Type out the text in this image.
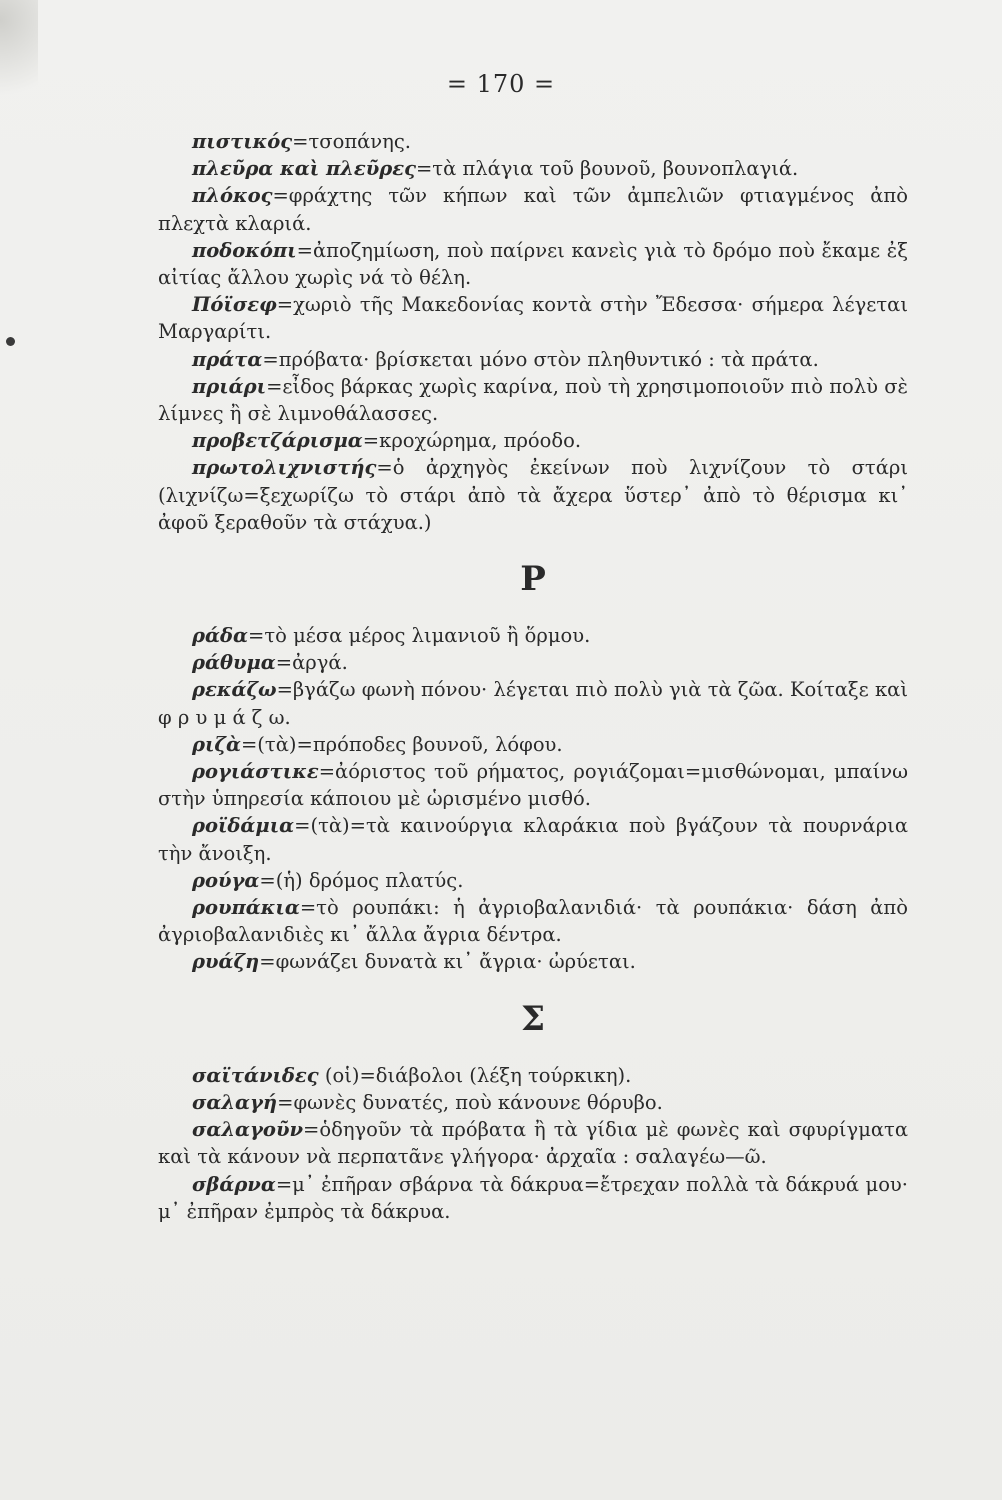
= 170 =

πιστικός=τσοπάνης.

πλεῦρα καὶ πλεῦρες=τὰ πλάγια τοῦ βουνοῦ, βουνοπλαγιά.

πλόκος=φράχτης τῶν κήπων καὶ τῶν ἀμπελιῶν φτιαγμένος ἀπὸ πλεχτὰ κλαριά.

ποδοκόπι=ἀποζημίωση, ποὺ παίρνει κανεὶς γιὰ τὸ δρόμο ποὺ ἔκαμε ἐξ αἰτίας ἄλλου χωρὶς νά τὸ θέλη.

Πόϊσεφ=χωριὸ τῆς Μακεδονίας κοντὰ στὴν Ἔδεσσα· σήμερα λέγεται Μαργαρίτι.

πράτα=πρόβατα· βρίσκεται μόνο στὸν πληθυντικό : τὰ πράτα.

πριάρι=εἶδος βάρκας χωρὶς καρίνα, ποὺ τὴ χρησιμοποιοῦν πιὸ πολὺ σὲ λίμνες ἢ σὲ λιμνοθάλασσες.

προβετζάρισμα=κροχώρημα, πρόοδο.

πρωτολιχνιστής=ὁ ἀρχηγὸς ἐκείνων ποὺ λιχνίζουν τὸ στάρι (λιχνίζω=ξεχωρίζω τὸ στάρι ἀπὸ τὰ ἄχερα ὕστερ᾽ ἀπὸ τὸ θέρισμα κι᾽ ἀφοῦ ξεραθοῦν τὰ στάχυα.)

Ρ

ράδα=τὸ μέσα μέρος λιμανιοῦ ἢ ὅρμου.

ράθυμα=ἀργά.

ρεκάζω=βγάζω φωνὴ πόνου· λέγεται πιὸ πολὺ γιὰ τὰ ζῶα. Κοίταξε καὶ φ ρ υ μ ά ζ ω.

ριζὰ=(τὰ)=πρόποδες βουνοῦ, λόφου.

ρογιάστικε=ἀόριστος τοῦ ρήματος, ρογιάζομαι=μισθώνομαι, μπαίνω στὴν ὑπηρεσία κάποιου μὲ ὡρισμένο μισθό.

ροϊδάμια=(τὰ)=τὰ καινούργια κλαράκια ποὺ βγάζουν τὰ πουρνάρια τὴν ἄνοιξη.

ρούγα=(ἡ) δρόμος πλατύς.

ρουπάκια=τὸ ρουπάκι: ἡ ἀγριοβαλανιδιά· τὰ ρουπάκια· δάση ἀπὸ ἀγριοβαλανιδιὲς κι᾽ ἄλλα ἄγρια δέντρα.

ρυάζη=φωνάζει δυνατὰ κι᾽ ἄγρια· ὠρύεται.

Σ

σαϊτάνιδες (οἱ)=διάβολοι (λέξη τούρκικη).

σαλαγή=φωνὲς δυνατές, ποὺ κάνουνε θόρυβο.

σαλαγοῦν=ὁδηγοῦν τὰ πρόβατα ἢ τὰ γίδια μὲ φωνὲς καὶ σφυρίγματα καὶ τὰ κάνουν νὰ περπατᾶνε γλήγορα· ἀρχαῖα : σαλαγέω—ῶ.

σβάρνα=μ᾽ ἐπῆραν σβάρνα τὰ δάκρυα=ἔτρεχαν πολλὰ τὰ δάκρυά μου· μ᾽ ἐπῆραν ἐμπρὸς τὰ δάκρυα.
